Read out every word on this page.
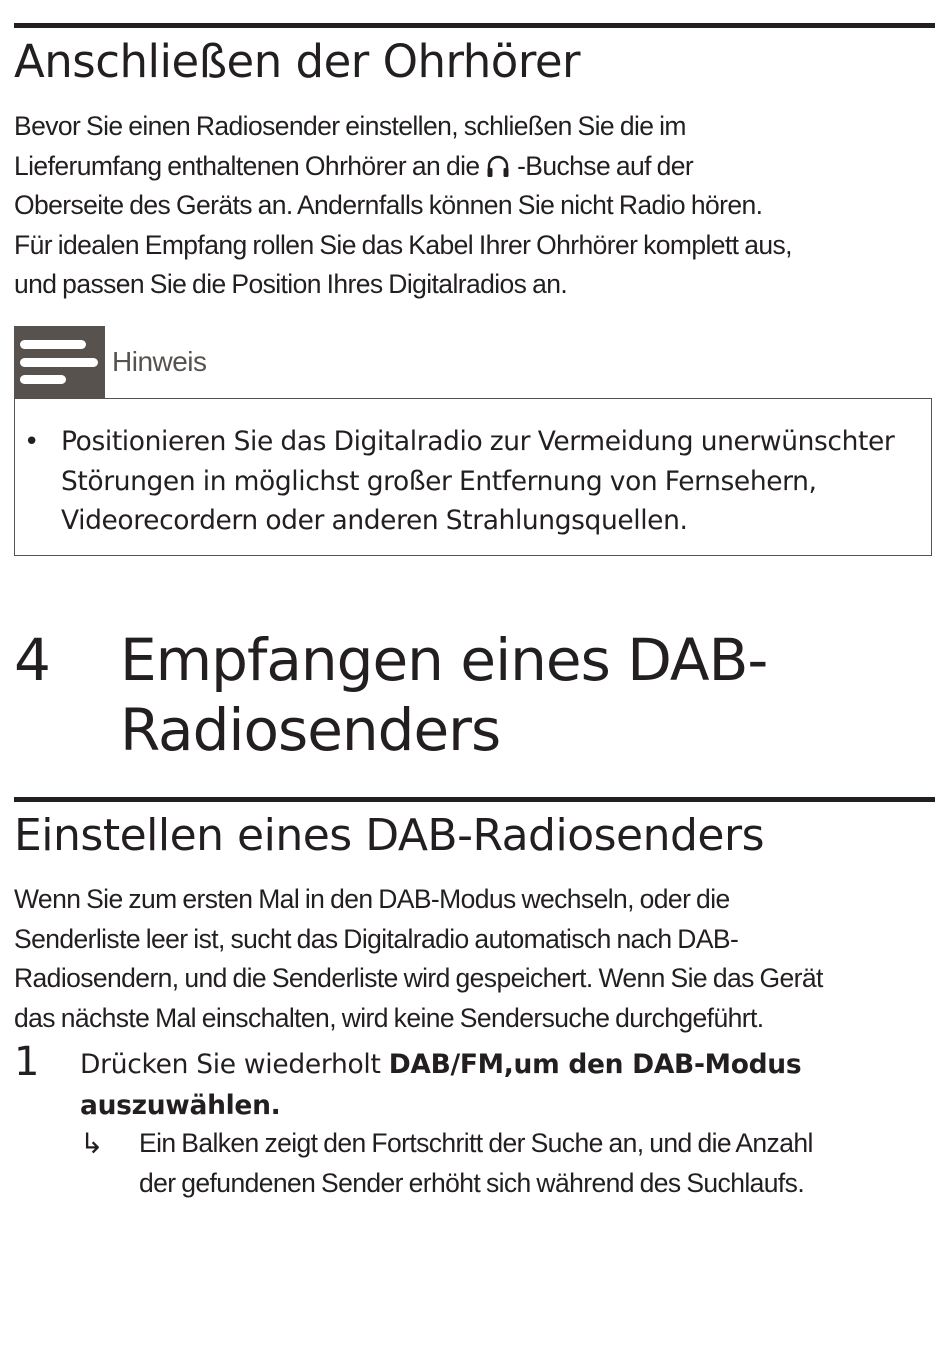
Anschließen der Ohrhörer

Bevor Sie einen Radiosender einstellen, schließen Sie die im
Lieferumfang enthaltenen Ohrhörer an die -Buchse auf der
Oberseite des Geräts an. Andernfalls können Sie nicht Radio hören.
Für idealen Empfang rollen Sie das Kabel Ihrer Ohrhörer komplett aus,
und passen Sie die Position Ihres Digitalradios an.

Hinweis
• Positionieren Sie das Digitalradio zur Vermeidung unerwünschter
Störungen in möglichst großer Entfernung von Fernsehern,
Videorecordern oder anderen Strahlungsquellen.

4 Empfangen eines DAB-
Radiosenders
Einstellen eines DAB-Radiosenders

Wenn Sie zum ersten Mal in den DAB-Modus wechseln, oder die
Senderliste leer ist, sucht das Digitalradio automatisch nach DAB-
Radiosendern, und die Senderliste wird gespeichert. Wenn Sie das Gerät
das nächste Mal einschalten, wird keine Sendersuche durchgeführt.

1 Drücken Sie wiederholt DAB/FM,um den DAB-Modus
auszuwählen.

↳ Ein Balken zeigt den Fortschritt der Suche an, und die Anzahl
der gefundenen Sender erhöht sich während des Suchlaufs.
